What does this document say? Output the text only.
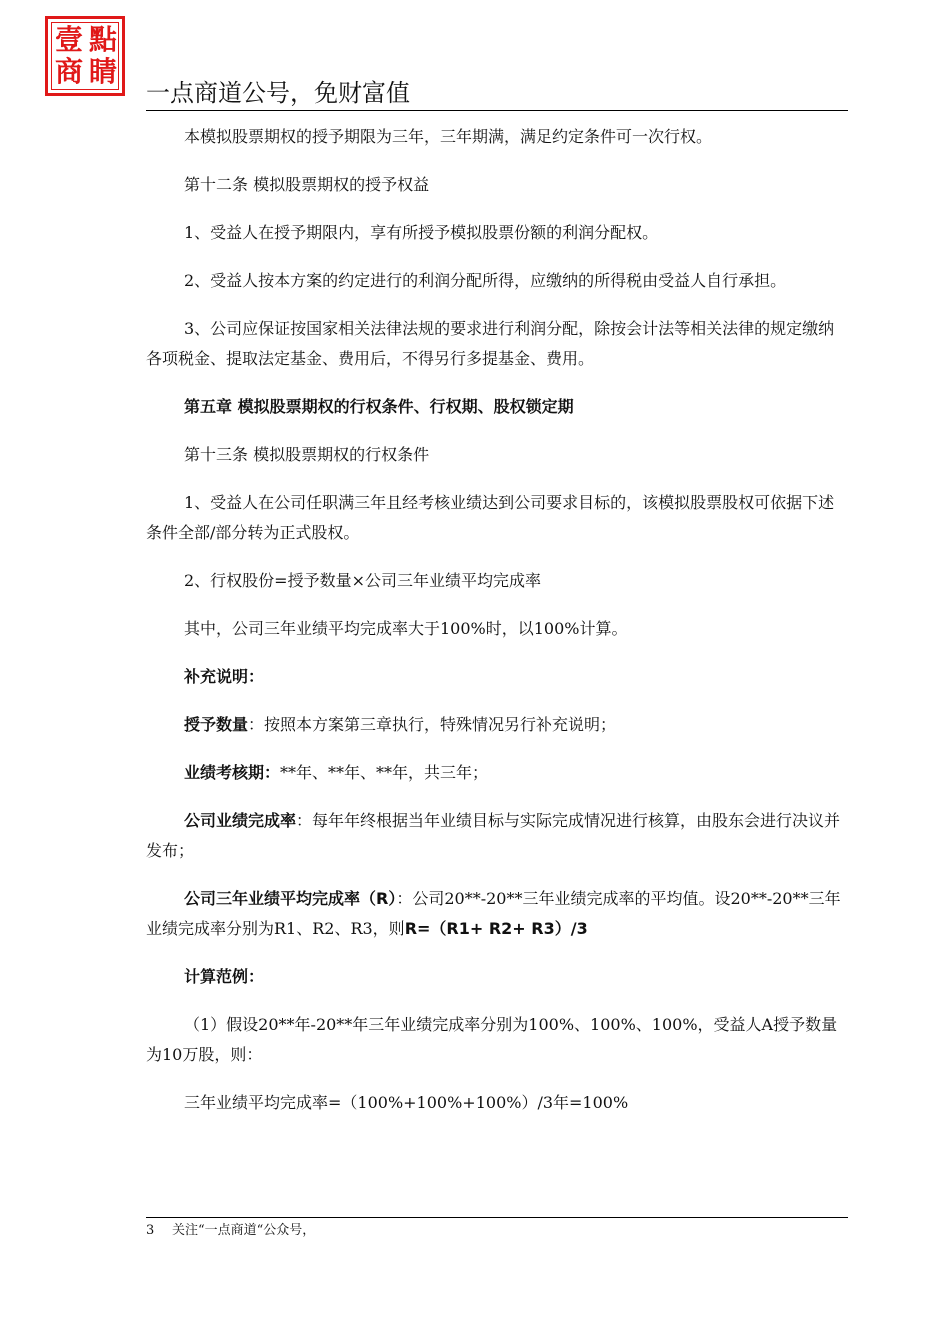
點
睛
壹
商
一点商道公号，免财富值

本模拟股票期权的授予期限为三年，三年期满，满足约定条件可一次行权。

第十二条 模拟股票期权的授予权益

1、受益人在授予期限内，享有所授予模拟股票份额的利润分配权。

2、受益人按本方案的约定进行的利润分配所得，应缴纳的所得税由受益人自行承担。

3、公司应保证按国家相关法律法规的要求进行利润分配，除按会计法等相关法律的规定缴纳各项税金、提取法定基金、费用后，不得另行多提基金、费用。

第五章 模拟股票期权的行权条件、行权期、股权锁定期

第十三条 模拟股票期权的行权条件

1、受益人在公司任职满三年且经考核业绩达到公司要求目标的，该模拟股票股权可依据下述条件全部/部分转为正式股权。

2、行权股份=授予数量×公司三年业绩平均完成率

其中，公司三年业绩平均完成率大于100%时，以100%计算。

补充说明：

授予数量：按照本方案第三章执行，特殊情况另行补充说明；

业绩考核期：**年、**年、**年，共三年；

公司业绩完成率：每年年终根据当年业绩目标与实际完成情况进行核算，由股东会进行决议并发布；

公司三年业绩平均完成率（R）：公司20**-20**三年业绩完成率的平均值。设20**-20**三年业绩完成率分别为R1、R2、R3，则R=（R1+ R2+ R3）/3

计算范例：

（1）假设20**年-20**年三年业绩完成率分别为100%、100%、100%，受益人A授予数量为10万股，则：

三年业绩平均完成率=（100%+100%+100%）/3年=100%

3 关注“一点商道“公众号，
